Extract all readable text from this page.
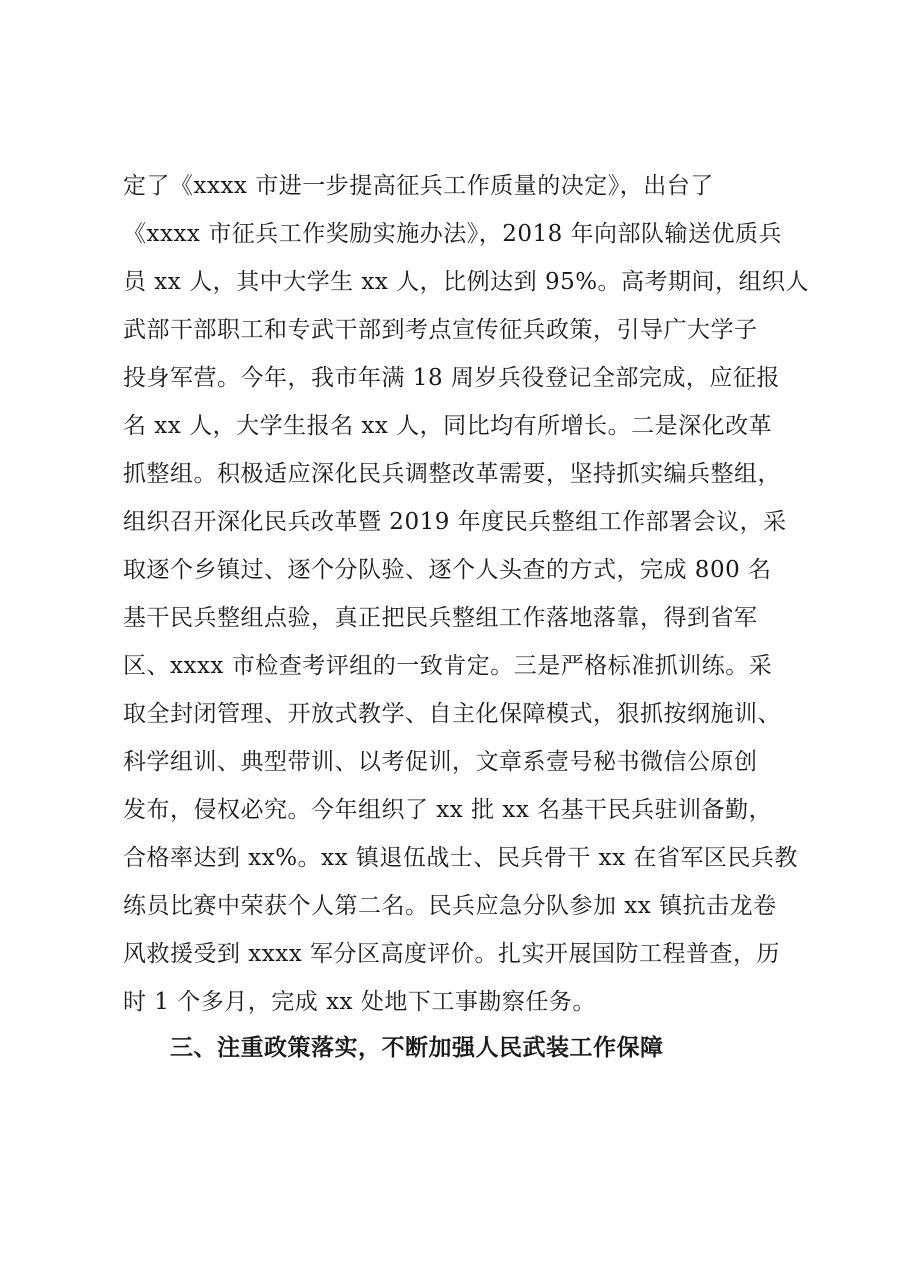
定了《xxxx 市进一步提高征兵工作质量的决定》，出台了
《xxxx 市征兵工作奖励实施办法》，2018 年向部队输送优质兵
员 xx 人，其中大学生 xx 人，比例达到 95%。高考期间，组织人
武部干部职工和专武干部到考点宣传征兵政策，引导广大学子
投身军营。今年，我市年满 18 周岁兵役登记全部完成，应征报
名 xx 人，大学生报名 xx 人，同比均有所增长。二是深化改革
抓整组。积极适应深化民兵调整改革需要，坚持抓实编兵整组，
组织召开深化民兵改革暨 2019 年度民兵整组工作部署会议，采
取逐个乡镇过、逐个分队验、逐个人头查的方式，完成 800 名
基干民兵整组点验，真正把民兵整组工作落地落靠，得到省军
区、xxxx 市检查考评组的一致肯定。三是严格标准抓训练。采
取全封闭管理、开放式教学、自主化保障模式，狠抓按纲施训、
科学组训、典型带训、以考促训，文章系壹号秘书微信公原创
发布，侵权必究。今年组织了 xx 批 xx 名基干民兵驻训备勤，
合格率达到 xx%。xx 镇退伍战士、民兵骨干 xx 在省军区民兵教
练员比赛中荣获个人第二名。民兵应急分队参加 xx 镇抗击龙卷
风救援受到 xxxx 军分区高度评价。扎实开展国防工程普查，历
时 1 个多月，完成 xx 处地下工事勘察任务。
三、注重政策落实，不断加强人民武装工作保障
